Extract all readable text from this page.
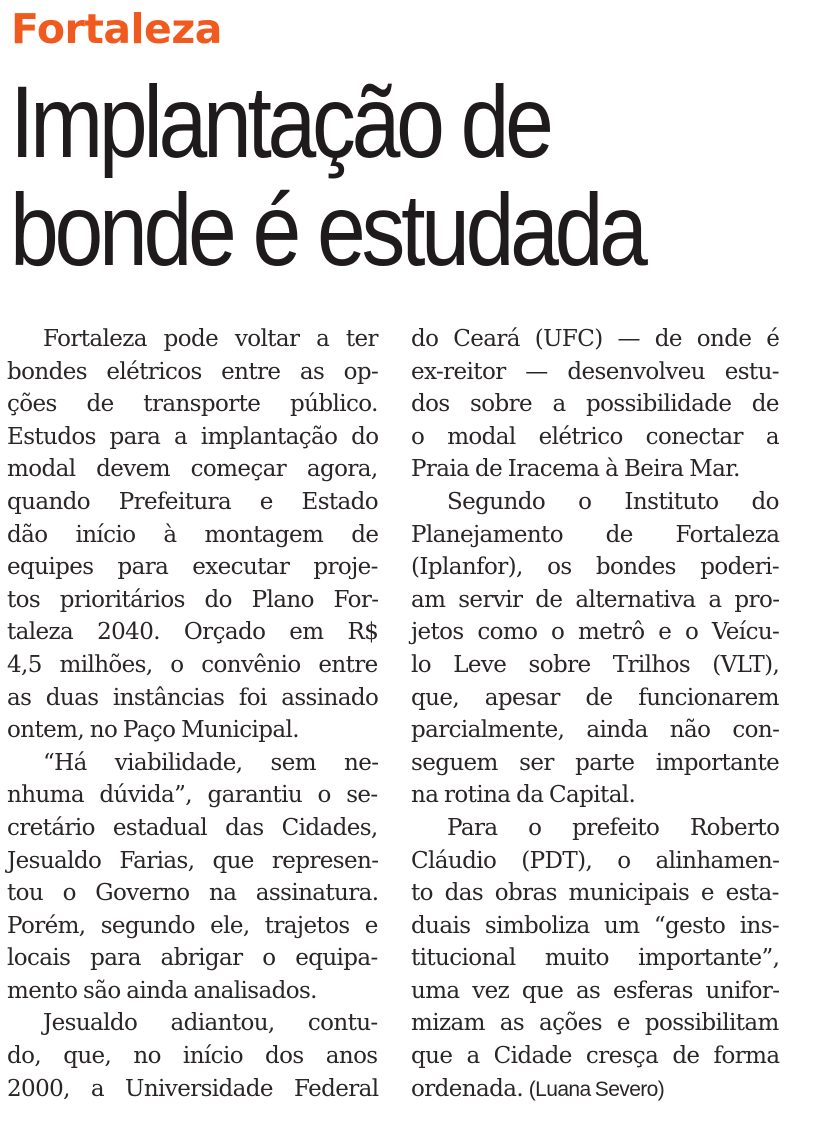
Fortaleza
Implantação de
bonde é estudada
Fortaleza pode voltar a ter
bondes elétricos entre as op-
ções de transporte público.
Estudos para a implantação do
modal devem começar agora,
quando Prefeitura e Estado
dão início à montagem de
equipes para executar proje-
tos prioritários do Plano For-
taleza 2040. Orçado em R$
4,5 milhões, o convênio entre
as duas instâncias foi assinado
ontem, no Paço Municipal.
“Há viabilidade, sem ne-
nhuma dúvida”, garantiu o se-
cretário estadual das Cidades,
Jesualdo Farias, que represen-
tou o Governo na assinatura.
Porém, segundo ele, trajetos e
locais para abrigar o equipa-
mento são ainda analisados.
Jesualdo adiantou, contu-
do, que, no início dos anos
2000, a Universidade Federal
do Ceará (UFC) — de onde é
ex-reitor — desenvolveu estu-
dos sobre a possibilidade de
o modal elétrico conectar a
Praia de Iracema à Beira Mar.
Segundo o Instituto do
Planejamento de Fortaleza
(Iplanfor), os bondes poderi-
am servir de alternativa a pro-
jetos como o metrô e o Veícu-
lo Leve sobre Trilhos (VLT),
que, apesar de funcionarem
parcialmente, ainda não con-
seguem ser parte importante
na rotina da Capital.
Para o prefeito Roberto
Cláudio (PDT), o alinhamen-
to das obras municipais e esta-
duais simboliza um “gesto ins-
titucional muito importante”,
uma vez que as esferas unifor-
mizam as ações e possibilitam
que a Cidade cresça de forma
ordenada. (Luana Severo)
